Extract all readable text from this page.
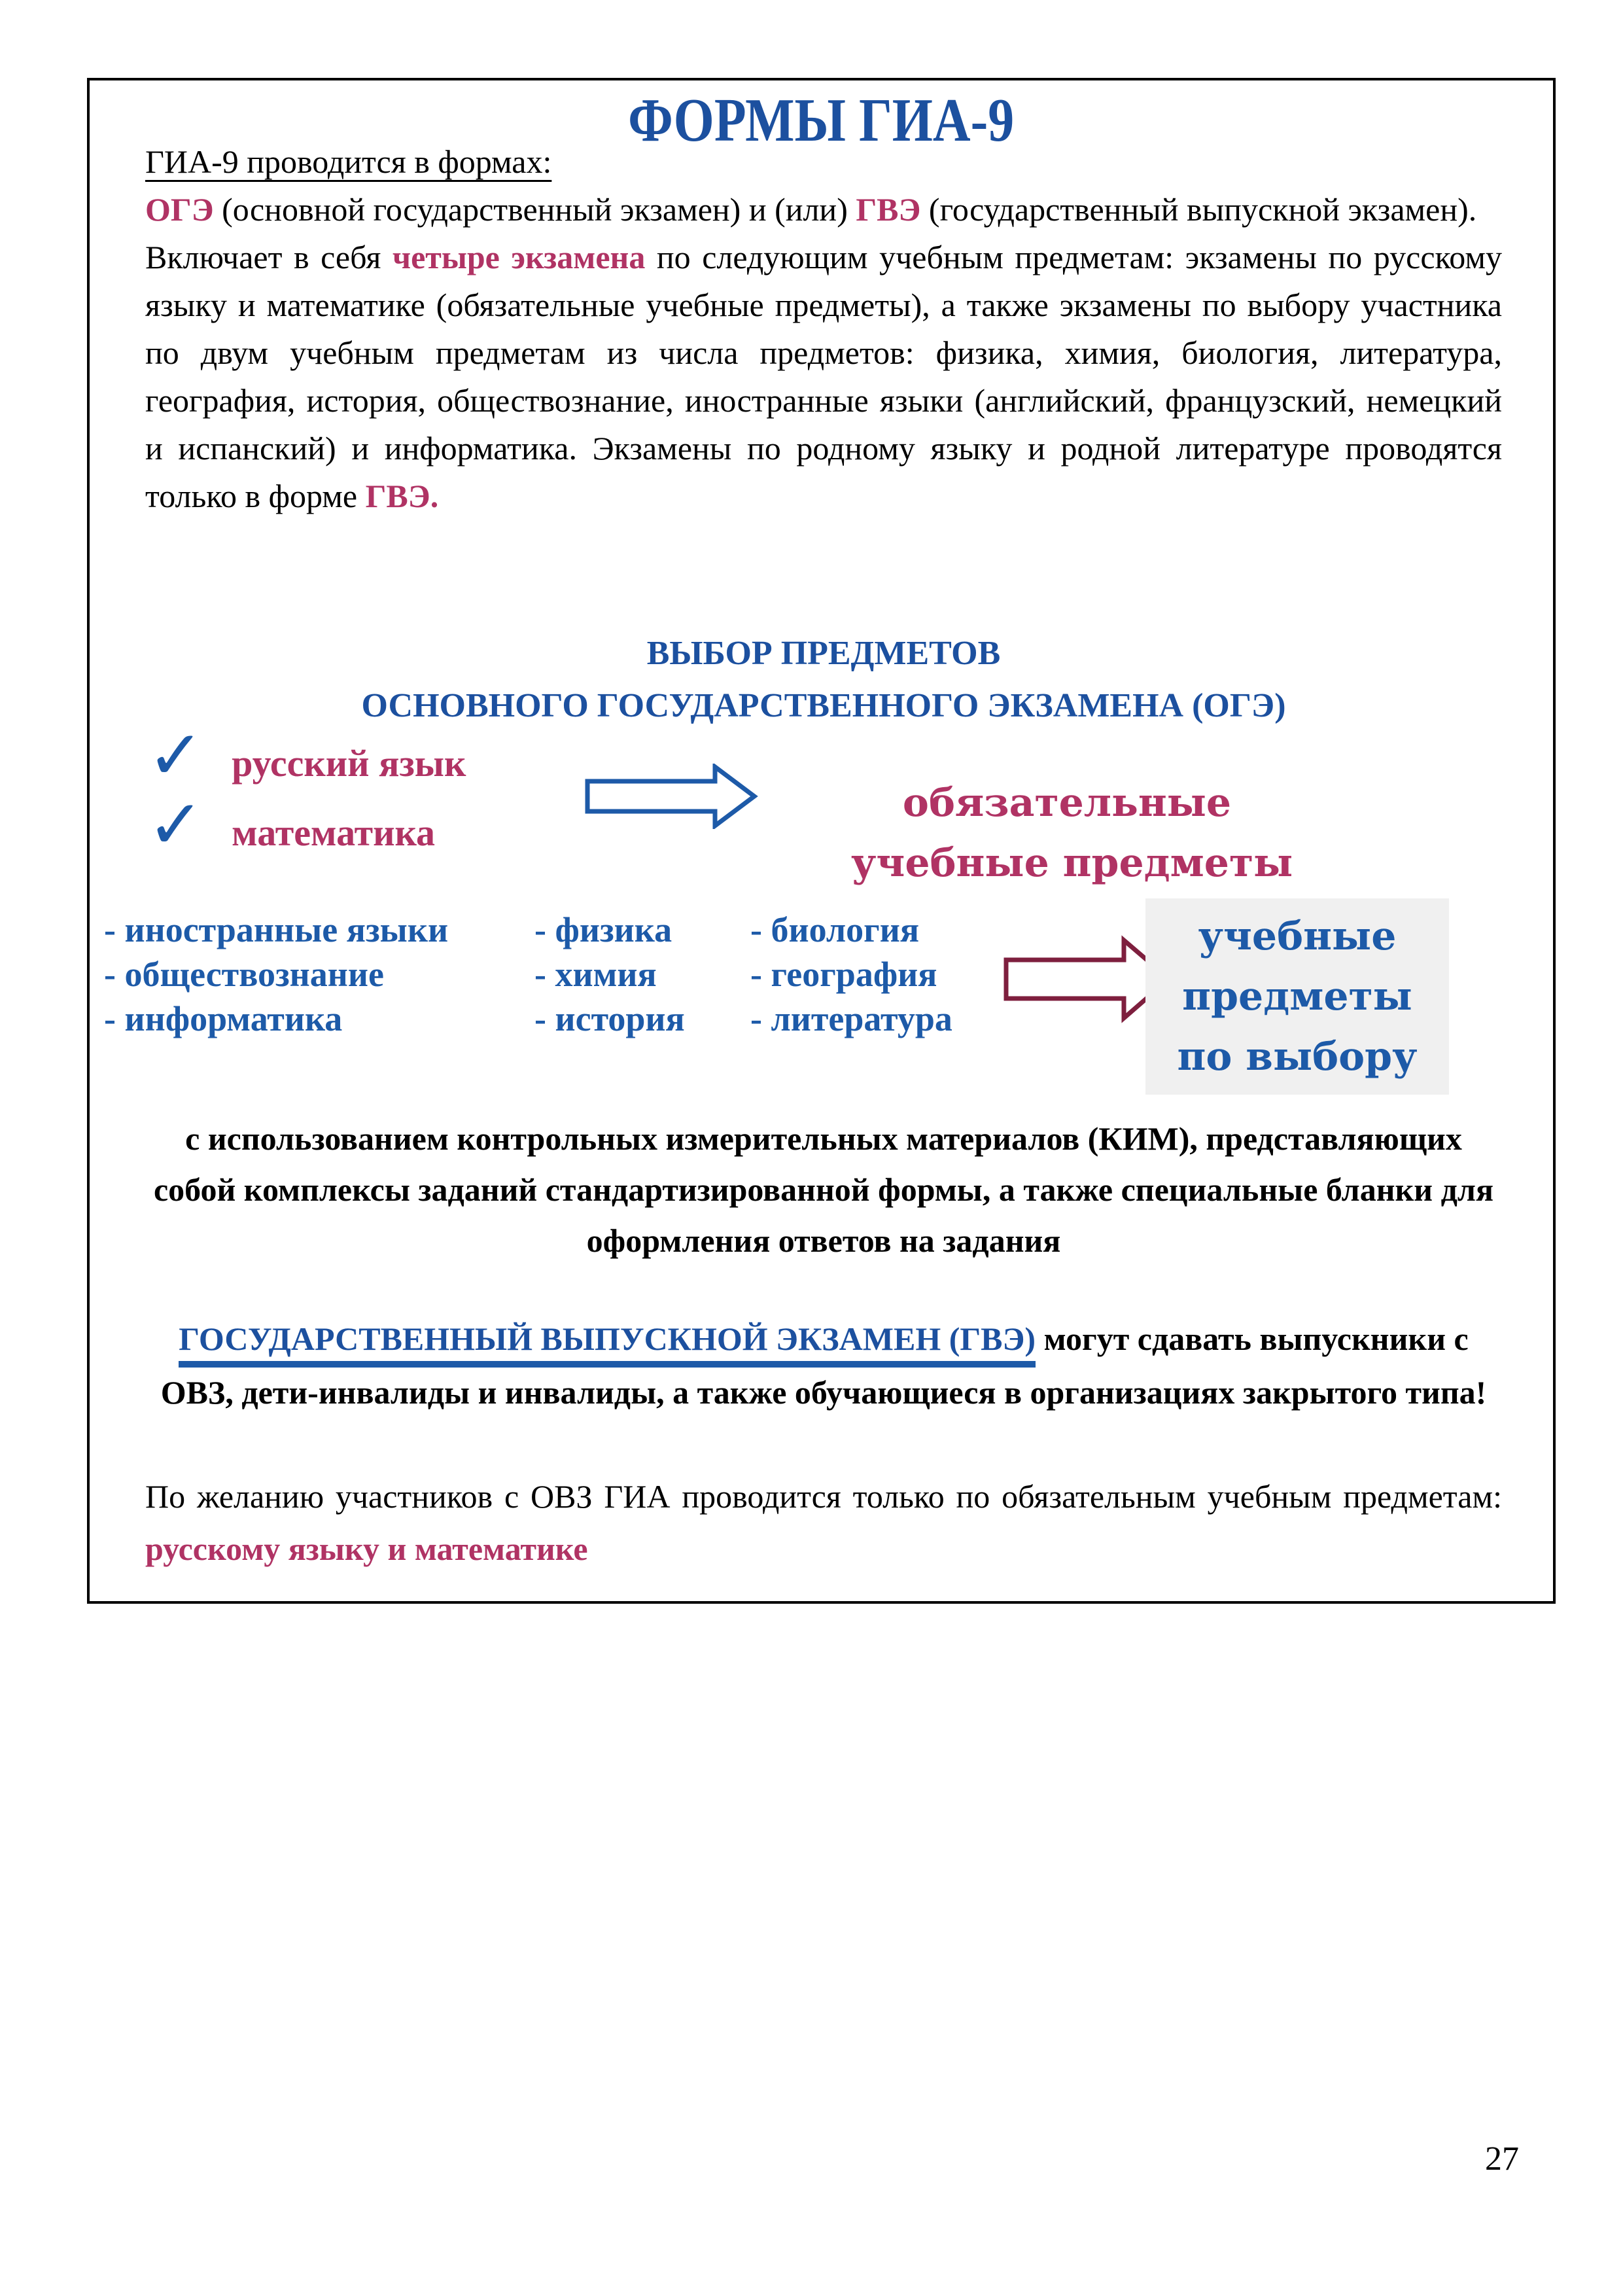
ФОРМЫ ГИА-9

ГИА-9 проводится в формах:

ОГЭ (основной государственный экзамен) и (или) ГВЭ (государственный выпускной экзамен).

Включает в себя четыре экзамена по следующим учебным предметам: экзамены по русскому языку и математике (обязательные учебные предметы), а также экзамены по выбору участника по двум учебным предметам из числа предметов: физика, химия, биология, литература, география, история, обществознание, иностранные языки (английский, французский, немецкий и испанский) и информатика. Экзамены по родному языку и родной литературе проводятся только в форме ГВЭ.

ВЫБОР ПРЕДМЕТОВ
ОСНОВНОГО ГОСУДАРСТВЕННОГО ЭКЗАМЕНА (ОГЭ)
✓ русский язык
✓ математика
обязательные
учебные предметы
- иностранные языки
- обществознание
- информатика
- физика
- химия
- история
- биология
- география
- литература
учебные
предметы
по выбору
с использованием контрольных измерительных материалов (КИМ), представляющих собой комплексы заданий стандартизированной формы, а также специальные бланки для оформления ответов на задания
ГОСУДАРСТВЕННЫЙ ВЫПУСКНОЙ ЭКЗАМЕН (ГВЭ) могут сдавать выпускники с ОВЗ, дети-инвалиды и инвалиды, а также обучающиеся в организациях закрытого типа!
По желанию участников с ОВЗ ГИА проводится только по обязательным учебным предметам: русскому языку и математике
27
